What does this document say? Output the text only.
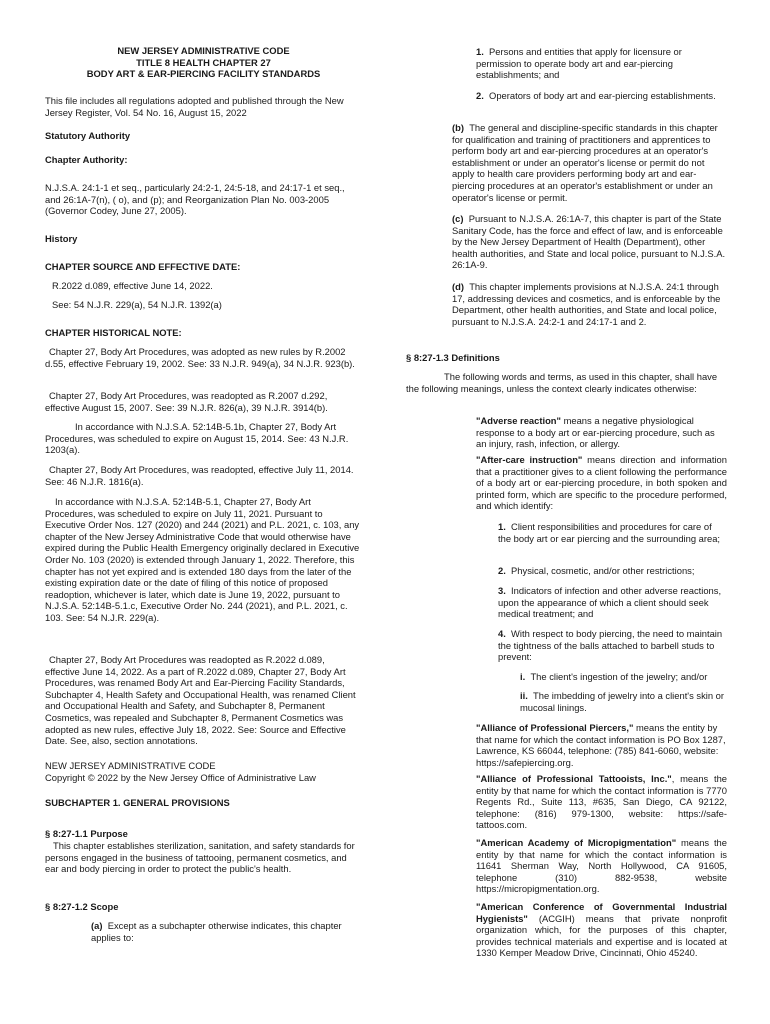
NEW JERSEY ADMINISTRATIVE CODE

TITLE 8 HEALTH CHAPTER 27

BODY ART & EAR-PIERCING FACILITY STANDARDS

This file includes all regulations adopted and published through the New Jersey Register, Vol. 54 No. 16, August 15, 2022

Statutory Authority

Chapter Authority:

N.J.S.A. 24:1-1 et seq., particularly 24:2-1, 24:5-18, and 24:17-1 et seq., and 26:1A-7(n), ( o), and (p); and Reorganization Plan No. 003-2005 (Governor Codey, June 27, 2005).

History

CHAPTER SOURCE AND EFFECTIVE DATE:

R.2022 d.089, effective June 14, 2022.

See: 54 N.J.R. 229(a), 54 N.J.R. 1392(a)

CHAPTER HISTORICAL NOTE:

Chapter 27, Body Art Procedures, was adopted as new rules by R.2002 d.55, effective February 19, 2002. See: 33 N.J.R. 949(a), 34 N.J.R. 923(b).

Chapter 27, Body Art Procedures, was readopted as R.2007 d.292, effective August 15, 2007. See: 39 N.J.R. 826(a), 39 N.J.R. 3914(b).

In accordance with N.J.S.A. 52:14B-5.1b, Chapter 27, Body Art Procedures, was scheduled to expire on August 15, 2014. See: 43 N.J.R. 1203(a).

Chapter 27, Body Art Procedures, was readopted, effective July 11, 2014. See: 46 N.J.R. 1816(a).

In accordance with N.J.S.A. 52:14B-5.1, Chapter 27, Body Art Procedures, was scheduled to expire on July 11, 2021. Pursuant to Executive Order Nos. 127 (2020) and 244 (2021) and P.L. 2021, c. 103, any chapter of the New Jersey Administrative Code that would otherwise have expired during the Public Health Emergency originally declared in Executive Order No. 103 (2020) is extended through January 1, 2022. Therefore, this chapter has not yet expired and is extended 180 days from the later of the existing expiration date or the date of filing of this notice of proposed readoption, whichever is later, which date is June 19, 2022, pursuant to N.J.S.A. 52:14B-5.1.c, Executive Order No. 244 (2021), and P.L. 2021, c. 103. See: 54 N.J.R. 229(a).

Chapter 27, Body Art Procedures was readopted as R.2022 d.089, effective June 14, 2022. As a part of R.2022 d.089, Chapter 27, Body Art Procedures, was renamed Body Art and Ear-Piercing Facility Standards, Subchapter 4, Health Safety and Occupational Health, was renamed Client and Occupational Health and Safety, and Subchapter 8, Permanent Cosmetics, was repealed and Subchapter 8, Permanent Cosmetics was adopted as new rules, effective July 18, 2022. See: Source and Effective Date. See, also, section annotations.

NEW JERSEY ADMINISTRATIVE CODE

Copyright © 2022 by the New Jersey Office of Administrative Law

SUBCHAPTER 1. GENERAL PROVISIONS

§ 8:27-1.1 Purpose

This chapter establishes sterilization, sanitation, and safety standards for persons engaged in the business of tattooing, permanent cosmetics, and ear and body piercing in order to protect the public's health.

§ 8:27-1.2 Scope

(a) Except as a subchapter otherwise indicates, this chapter applies to:

1. Persons and entities that apply for licensure or permission to operate body art and ear-piercing establishments; and

2. Operators of body art and ear-piercing establishments.

(b) The general and discipline-specific standards in this chapter for qualification and training of practitioners and apprentices to perform body art and ear-piercing procedures at an operator's establishment or under an operator's license or permit do not apply to health care providers performing body art and ear-piercing procedures at an operator's establishment or under an operator's license or permit.

(c) Pursuant to N.J.S.A. 26:1A-7, this chapter is part of the State Sanitary Code, has the force and effect of law, and is enforceable by the New Jersey Department of Health (Department), other health authorities, and State and local police, pursuant to N.J.S.A. 26:1A-9.

(d) This chapter implements provisions at N.J.S.A. 24:1 through 17, addressing devices and cosmetics, and is enforceable by the Department, other health authorities, and State and local police, pursuant to N.J.S.A. 24:2-1 and 24:17-1 and 2.

§ 8:27-1.3 Definitions

The following words and terms, as used in this chapter, shall have the following meanings, unless the context clearly indicates otherwise:

"Adverse reaction" means a negative physiological response to a body art or ear-piercing procedure, such as an injury, rash, infection, or allergy.

"After-care instruction" means direction and information that a practitioner gives to a client following the performance of a body art or ear-piercing procedure, in both spoken and printed form, which are specific to the procedure performed, and which identify:

1. Client responsibilities and procedures for care of the body art or ear piercing and the surrounding area;

2. Physical, cosmetic, and/or other restrictions;

3. Indicators of infection and other adverse reactions, upon the appearance of which a client should seek medical treatment; and

4. With respect to body piercing, the need to maintain the tightness of the balls attached to barbell studs to prevent:

i. The client's ingestion of the jewelry; and/or

ii. The imbedding of jewelry into a client's skin or mucosal linings.

"Alliance of Professional Piercers," means the entity by that name for which the contact information is PO Box 1287, Lawrence, KS 66044, telephone: (785) 841-6060, website: https://safepiercing.org.

"Alliance of Professional Tattooists, Inc.", means the entity by that name for which the contact information is 7770 Regents Rd., Suite 113, #635, San Diego, CA 92122, telephone: (816) 979-1300, website: https://safe-tattoos.com.

"American Academy of Micropigmentation" means the entity by that name for which the contact information is 11641 Sherman Way, North Hollywood, CA 91605, telephone (310) 882-9538, website https://micropigmentation.org.

"American Conference of Governmental Industrial Hygienists" (ACGIH) means that private nonprofit organization which, for the purposes of this chapter, provides technical materials and expertise and is located at 1330 Kemper Meadow Drive, Cincinnati, Ohio 45240.
